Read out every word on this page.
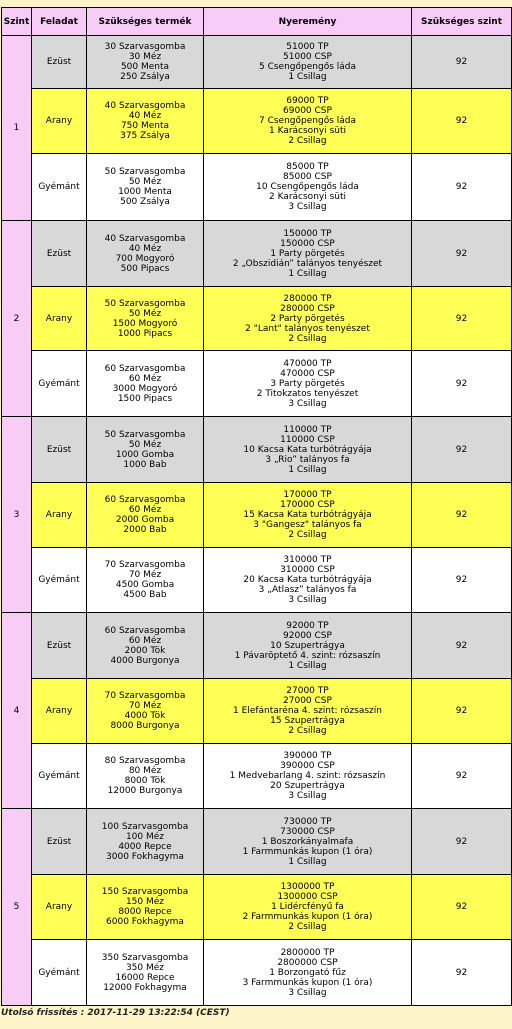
Szint	Feladat	Szükséges termék	Nyeremény	Szükséges szint
1	Ezüst	30 Szarvasgomba
30 Méz
500 Menta
250 Zsálya	51000 TP
51000 CSP
5 Csengőpengős láda
1 Csillag	92
	Arany	40 Szarvasgomba
40 Méz
750 Menta
375 Zsálya	69000 TP
69000 CSP
7 Csengőpengős láda
1 Karácsonyi süti
2 Csillag	92
	Gyémánt	50 Szarvasgomba
50 Méz
1000 Menta
500 Zsálya	85000 TP
85000 CSP
10 Csengőpengős láda
2 Karácsonyi süti
3 Csillag	92
2	Ezüst	40 Szarvasgomba
40 Méz
700 Mogyoró
500 Pipacs	150000 TP
150000 CSP
1 Party pörgetés
2 „Obszidián” talányos tenyészet
1 Csillag	92
	Arany	50 Szarvasgomba
50 Méz
1500 Mogyoró
1000 Pipacs	280000 TP
280000 CSP
2 Party pörgetés
2 "Lant" talányos tenyészet
2 Csillag	92
	Gyémánt	60 Szarvasgomba
60 Méz
3000 Mogyoró
1500 Pipacs	470000 TP
470000 CSP
3 Party pörgetés
2 Titokzatos tenyészet
3 Csillag	92
3	Ezüst	50 Szarvasgomba
50 Méz
1000 Gomba
1000 Bab	110000 TP
110000 CSP
10 Kacsa Kata turbótrágyája
3 „Rio” talányos fa
1 Csillag	92
	Arany	60 Szarvasgomba
60 Méz
2000 Gomba
2000 Bab	170000 TP
170000 CSP
15 Kacsa Kata turbótrágyája
3 "Gangesz" talányos fa
2 Csillag	92
	Gyémánt	70 Szarvasgomba
70 Méz
4500 Gomba
4500 Bab	310000 TP
310000 CSP
20 Kacsa Kata turbótrágyája
3 „Atlasz” talányos fa
3 Csillag	92
4	Ezüst	60 Szarvasgomba
60 Méz
2000 Tök
4000 Burgonya	92000 TP
92000 CSP
10 Szupertrágya
1 Pávaröptető 4. szint: rózsaszín
1 Csillag	92
	Arany	70 Szarvasgomba
70 Méz
4000 Tök
8000 Burgonya	27000 TP
27000 CSP
1 Elefántaréna 4. szint: rózsaszín
15 Szupertrágya
2 Csillag	92
	Gyémánt	80 Szarvasgomba
80 Méz
8000 Tök
12000 Burgonya	390000 TP
390000 CSP
1 Medvebarlang 4. szint: rózsaszín
20 Szupertrágya
3 Csillag	92
5	Ezüst	100 Szarvasgomba
100 Méz
4000 Repce
3000 Fokhagyma	730000 TP
730000 CSP
1 Boszorkányalmafa
1 Farmmunkás kupon (1 óra)
1 Csillag	92
	Arany	150 Szarvasgomba
150 Méz
8000 Repce
6000 Fokhagyma	1300000 TP
1300000 CSP
1 Lidércfényű fa
2 Farmmunkás kupon (1 óra)
2 Csillag	92
	Gyémánt	350 Szarvasgomba
350 Méz
16000 Repce
12000 Fokhagyma	2800000 TP
2800000 CSP
1 Borzongató fűz
3 Farmmunkás kupon (1 óra)
3 Csillag	92
Utolsó frissítés : 2017-11-29 13:22:54 (CEST)
